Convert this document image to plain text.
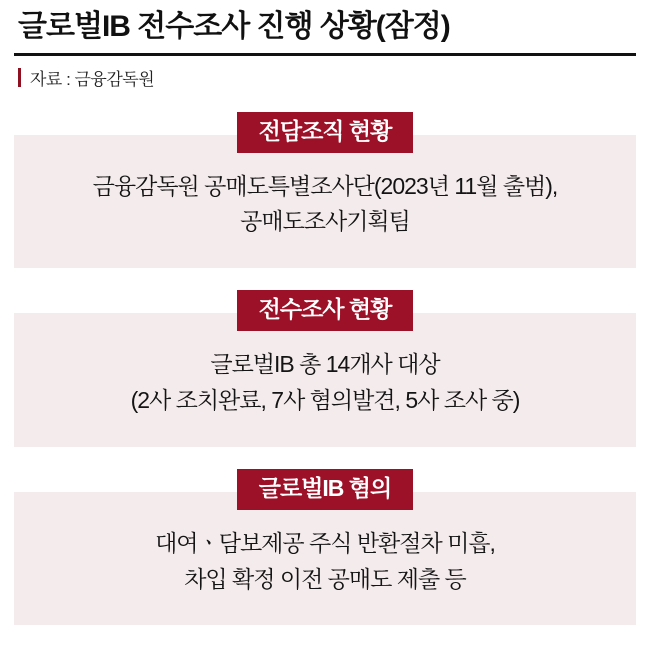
글로벌IB 전수조사 진행 상황(잠정)
자료 : 금융감독원
전담조직 현황
금융감독원 공매도특별조사단(2023년 11월 출범),
공매도조사기획팀
전수조사 현황
글로벌IB 총 14개사 대상
(2사 조치완료, 7사 혐의발견, 5사 조사 중)
글로벌IB 혐의
대여ㆍ담보제공 주식 반환절차 미흡,
차입 확정 이전 공매도 제출 등
